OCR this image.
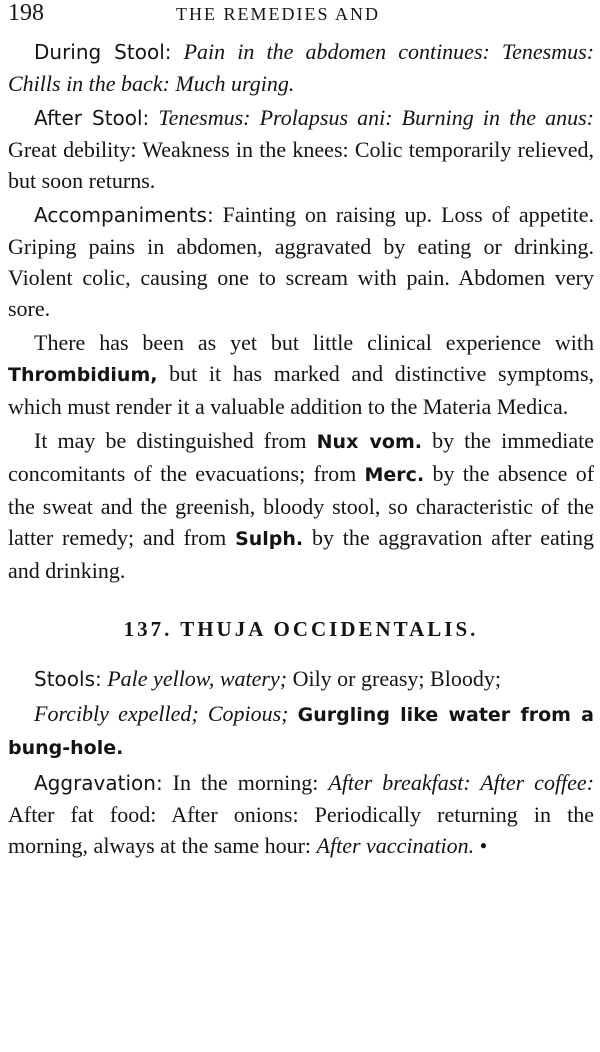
198	THE REMEDIES AND

During Stool: Pain in the abdomen continues: Tenesmus: Chills in the back: Much urging.

After Stool: Tenesmus: Prolapsus ani: Burning in the anus: Great debility: Weakness in the knees: Colic temporarily relieved, but soon returns.

Accompaniments: Fainting on raising up. Loss of appetite. Griping pains in abdomen, aggravated by eating or drinking. Violent colic, causing one to scream with pain. Abdomen very sore.

There has been as yet but little clinical experience with Thrombidium, but it has marked and distinctive symptoms, which must render it a valuable addition to the Materia Medica.

It may be distinguished from Nux vom. by the immediate concomitants of the evacuations; from Merc. by the absence of the sweat and the greenish, bloody stool, so characteristic of the latter remedy; and from Sulph. by the aggravation after eating and drinking.

137. THUJA OCCIDENTALIS.

Stools: Pale yellow, watery; Oily or greasy; Bloody;

Forcibly expelled; Copious; Gurgling like water from a bung-hole.

Aggravation: In the morning: After breakfast: After coffee: After fat food: After onions: Periodically returning in the morning, always at the same hour: After vaccination. •
